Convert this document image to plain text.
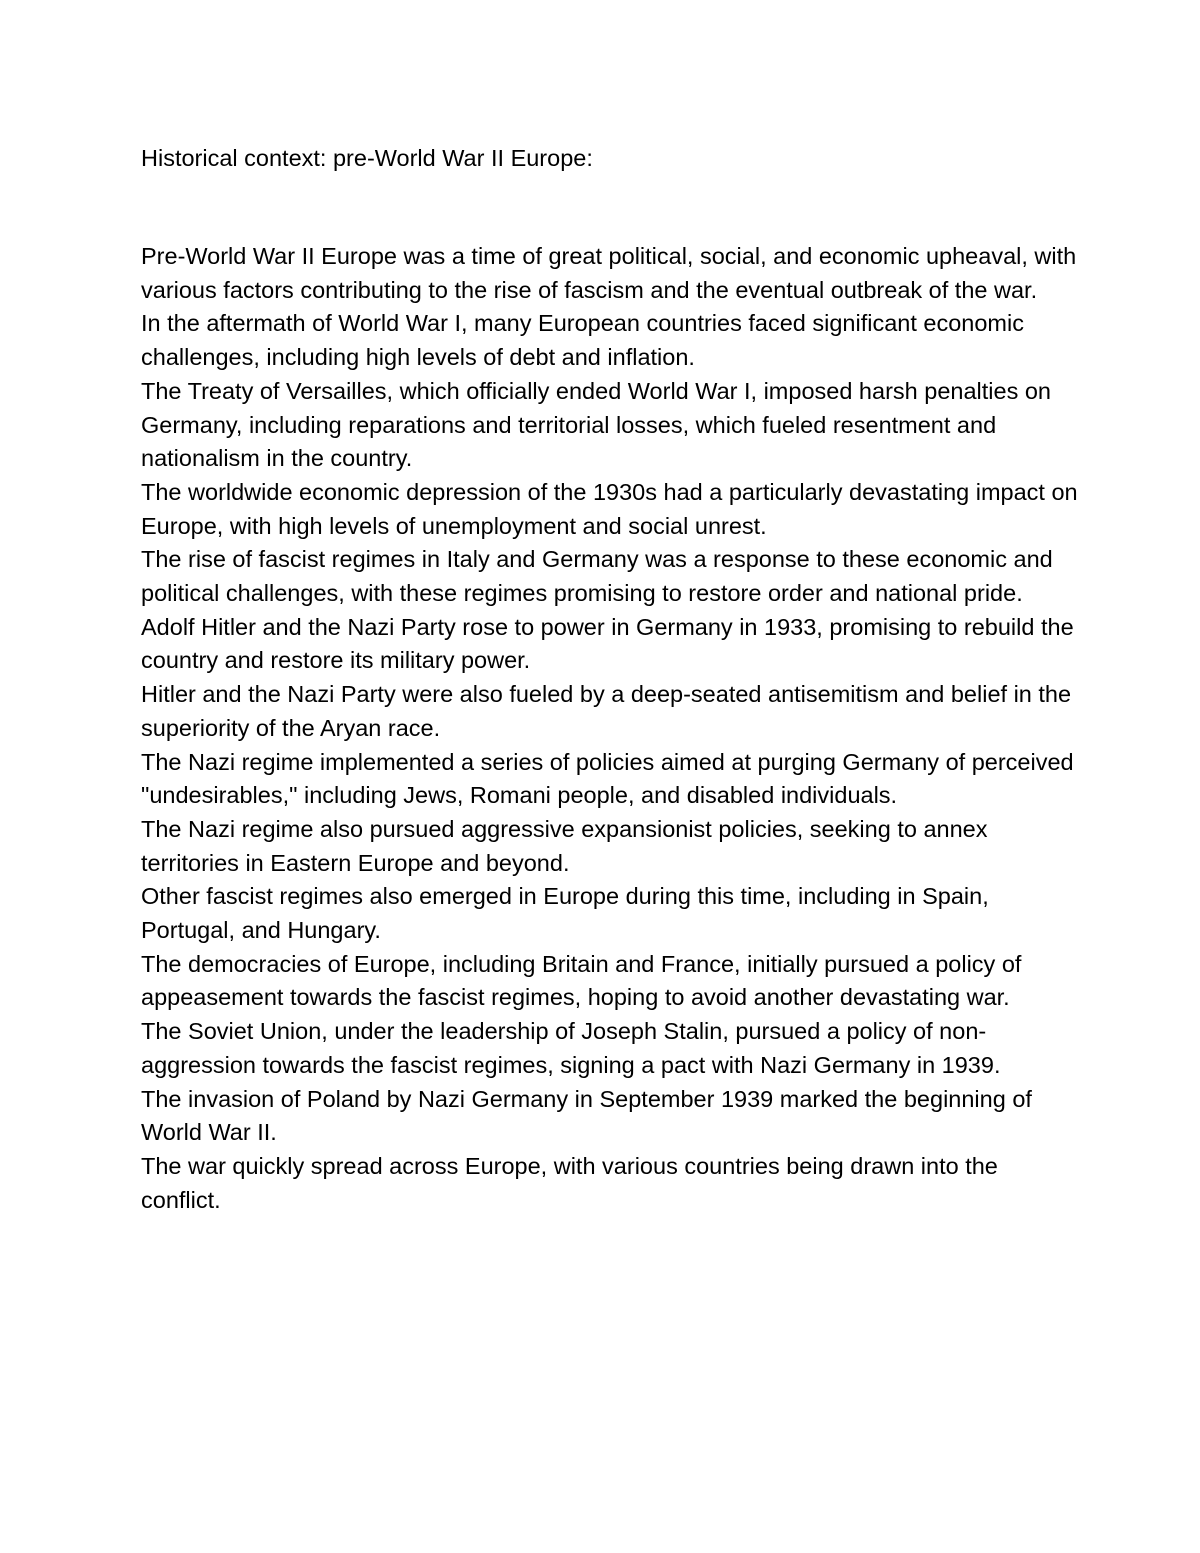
Historical context: pre-World War II Europe:

Pre-World War II Europe was a time of great political, social, and economic upheaval, with various factors contributing to the rise of fascism and the eventual outbreak of the war.

In the aftermath of World War I, many European countries faced significant economic challenges, including high levels of debt and inflation.

The Treaty of Versailles, which officially ended World War I, imposed harsh penalties on Germany, including reparations and territorial losses, which fueled resentment and nationalism in the country.

The worldwide economic depression of the 1930s had a particularly devastating impact on Europe, with high levels of unemployment and social unrest.

The rise of fascist regimes in Italy and Germany was a response to these economic and political challenges, with these regimes promising to restore order and national pride.

Adolf Hitler and the Nazi Party rose to power in Germany in 1933, promising to rebuild the country and restore its military power.

Hitler and the Nazi Party were also fueled by a deep-seated antisemitism and belief in the superiority of the Aryan race.

The Nazi regime implemented a series of policies aimed at purging Germany of perceived "undesirables," including Jews, Romani people, and disabled individuals.

The Nazi regime also pursued aggressive expansionist policies, seeking to annex territories in Eastern Europe and beyond.

Other fascist regimes also emerged in Europe during this time, including in Spain, Portugal, and Hungary.

The democracies of Europe, including Britain and France, initially pursued a policy of appeasement towards the fascist regimes, hoping to avoid another devastating war.

The Soviet Union, under the leadership of Joseph Stalin, pursued a policy of non-aggression towards the fascist regimes, signing a pact with Nazi Germany in 1939.

The invasion of Poland by Nazi Germany in September 1939 marked the beginning of World War II.

The war quickly spread across Europe, with various countries being drawn into the conflict.
